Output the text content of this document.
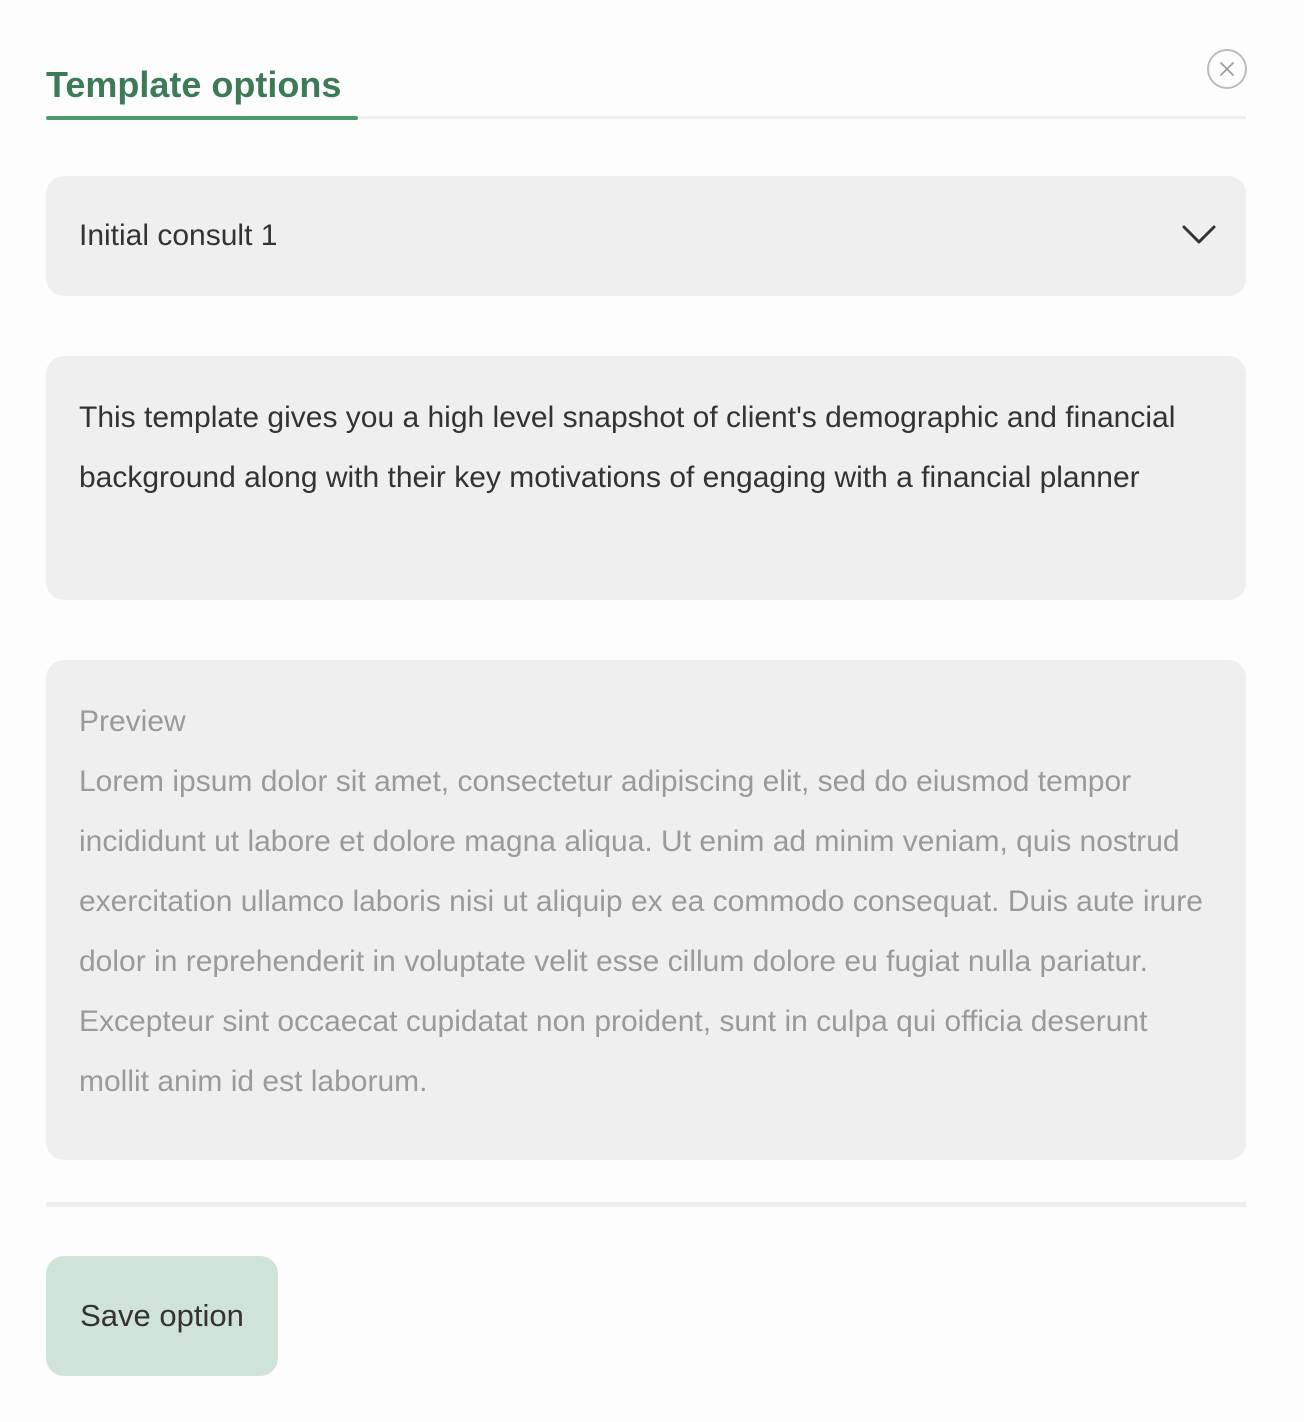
Template options
Initial consult 1

This template gives you a high level snapshot of client's demographic and financial background along with their key motivations of engaging with a financial planner

Preview

Lorem ipsum dolor sit amet, consectetur adipiscing elit, sed do eiusmod tempor incididunt ut labore et dolore magna aliqua. Ut enim ad minim veniam, quis nostrud exercitation ullamco laboris nisi ut aliquip ex ea commodo consequat. Duis aute irure dolor in reprehenderit in voluptate velit esse cillum dolore eu fugiat nulla pariatur. Excepteur sint occaecat cupidatat non proident, sunt in culpa qui officia deserunt mollit anim id est laborum.

Save option
